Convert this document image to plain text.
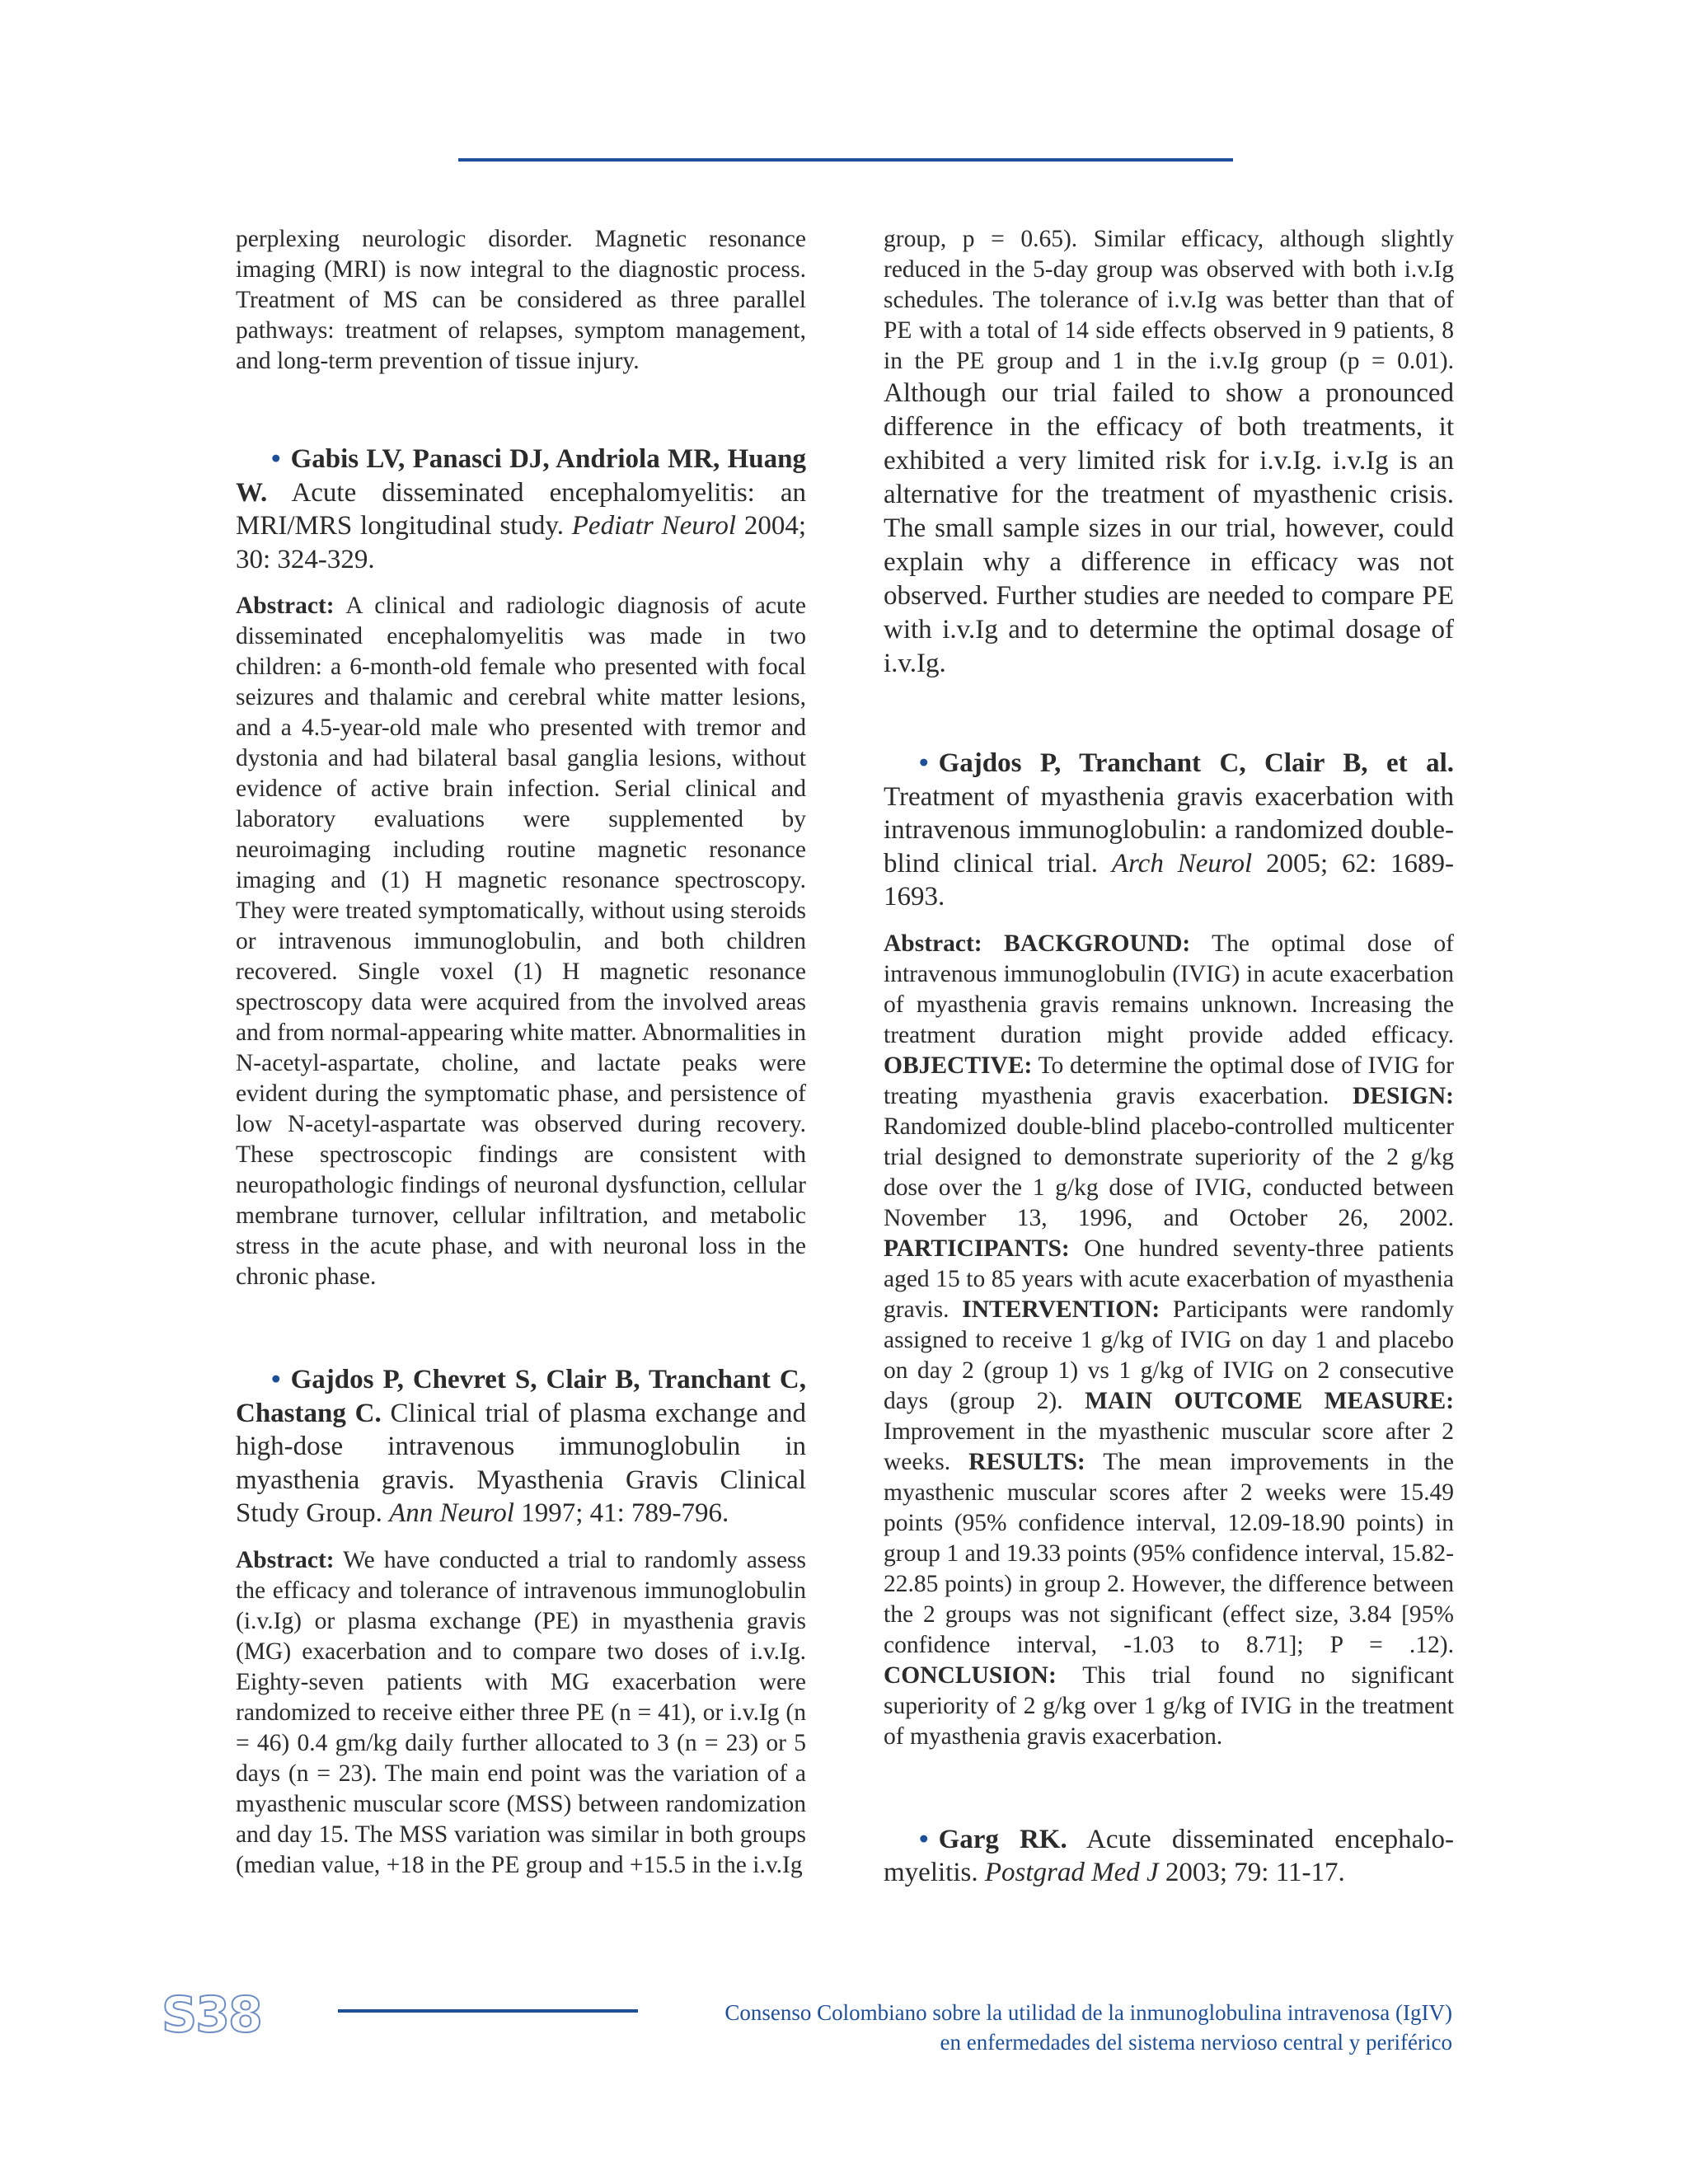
perplexing neurologic disorder. Magnetic resonance imaging (MRI) is now integral to the diagnostic process. Treatment of MS can be considered as three parallel pathways: treatment of relapses, symptom management, and long-term prevention of tissue injury.

• Gabis LV, Panasci DJ, Andriola MR, Huang W. Acute disseminated encephalomyelitis: an MRI/MRS longitudinal study. Pediatr Neurol 2004; 30: 324-329.

Abstract: A clinical and radiologic diagnosis of acute disseminated encephalomyelitis was made in two children: a 6-month-old female who presented with focal seizures and thalamic and cerebral white matter lesions, and a 4.5-year-old male who presented with tremor and dystonia and had bilateral basal ganglia lesions, without evidence of active brain infection. Serial clinical and laboratory evaluations were supplemented by neuroimaging including routine magnetic resonance imaging and (1) H magnetic resonance spectroscopy. They were treated symptomatically, without using steroids or intravenous immunoglobulin, and both children recovered. Single voxel (1) H magnetic resonance spectroscopy data were acquired from the involved areas and from normal-appearing white matter. Abnormalities in N-acetyl-aspartate, choline, and lactate peaks were evident during the symptomatic phase, and persistence of low N-acetyl-aspartate was observed during recovery. These spectroscopic findings are consistent with neuropathologic findings of neuronal dysfunction, cellular membrane turnover, cellular infiltration, and metabolic stress in the acute phase, and with neuronal loss in the chronic phase.

• Gajdos P, Chevret S, Clair B, Tranchant C, Chastang C. Clinical trial of plasma exchange and high-dose intravenous immunoglobulin in myasthenia gravis. Myasthenia Gravis Clinical Study Group. Ann Neurol 1997; 41: 789-796.

Abstract: We have conducted a trial to randomly assess the efficacy and tolerance of intravenous immunoglobulin (i.v.Ig) or plasma exchange (PE) in myasthenia gravis (MG) exacerbation and to compare two doses of i.v.Ig. Eighty-seven patients with MG exacerbation were randomized to receive either three PE (n = 41), or i.v.Ig (n = 46) 0.4 gm/kg daily further allocated to 3 (n = 23) or 5 days (n = 23). The main end point was the variation of a myasthenic muscular score (MSS) between randomization and day 15. The MSS variation was similar in both groups (median value, +18 in the PE group and +15.5 in the i.v.Ig

group, p = 0.65). Similar efficacy, although slightly reduced in the 5-day group was observed with both i.v.Ig schedules. The tolerance of i.v.Ig was better than that of PE with a total of 14 side effects observed in 9 patients, 8 in the PE group and 1 in the i.v.Ig group (p = 0.01). Although our trial failed to show a pronounced difference in the efficacy of both treatments, it exhibited a very limited risk for i.v.Ig. i.v.Ig is an alternative for the treatment of myasthenic crisis. The small sample sizes in our trial, however, could explain why a difference in efficacy was not observed. Further studies are needed to compare PE with i.v.Ig and to determine the optimal dosage of i.v.Ig.

• Gajdos P, Tranchant C, Clair B, et al. Treatment of myasthenia gravis exacerbation with intravenous immunoglobulin: a randomized double-blind clinical trial. Arch Neurol 2005; 62: 1689-1693.

Abstract: BACKGROUND: The optimal dose of intravenous immunoglobulin (IVIG) in acute exacerbation of myasthenia gravis remains unknown. Increasing the treatment duration might provide added efficacy. OBJECTIVE: To determine the optimal dose of IVIG for treating myasthenia gravis exacerbation. DESIGN: Randomized double-blind placebo-controlled multicenter trial designed to demonstrate superiority of the 2 g/kg dose over the 1 g/kg dose of IVIG, conducted between November 13, 1996, and October 26, 2002. PARTICIPANTS: One hundred seventy-three patients aged 15 to 85 years with acute exacerbation of myasthenia gravis. INTERVENTION: Participants were randomly assigned to receive 1 g/kg of IVIG on day 1 and placebo on day 2 (group 1) vs 1 g/kg of IVIG on 2 consecutive days (group 2). MAIN OUTCOME MEASURE: Improvement in the myasthenic muscular score after 2 weeks. RESULTS: The mean improvements in the myasthenic muscular scores after 2 weeks were 15.49 points (95% confidence interval, 12.09-18.90 points) in group 1 and 19.33 points (95% confidence interval, 15.82-22.85 points) in group 2. However, the difference between the 2 groups was not significant (effect size, 3.84 [95% confidence interval, -1.03 to 8.71]; P = .12). CONCLUSION: This trial found no significant superiority of 2 g/kg over 1 g/kg of IVIG in the treatment of myasthenia gravis exacerbation.

• Garg RK. Acute disseminated encephalomyelitis. Postgrad Med J 2003; 79: 11-17.

S38	Consenso Colombiano sobre la utilidad de la inmunoglobulina intravenosa (IgIV)
en enfermedades del sistema nervioso central y periférico
